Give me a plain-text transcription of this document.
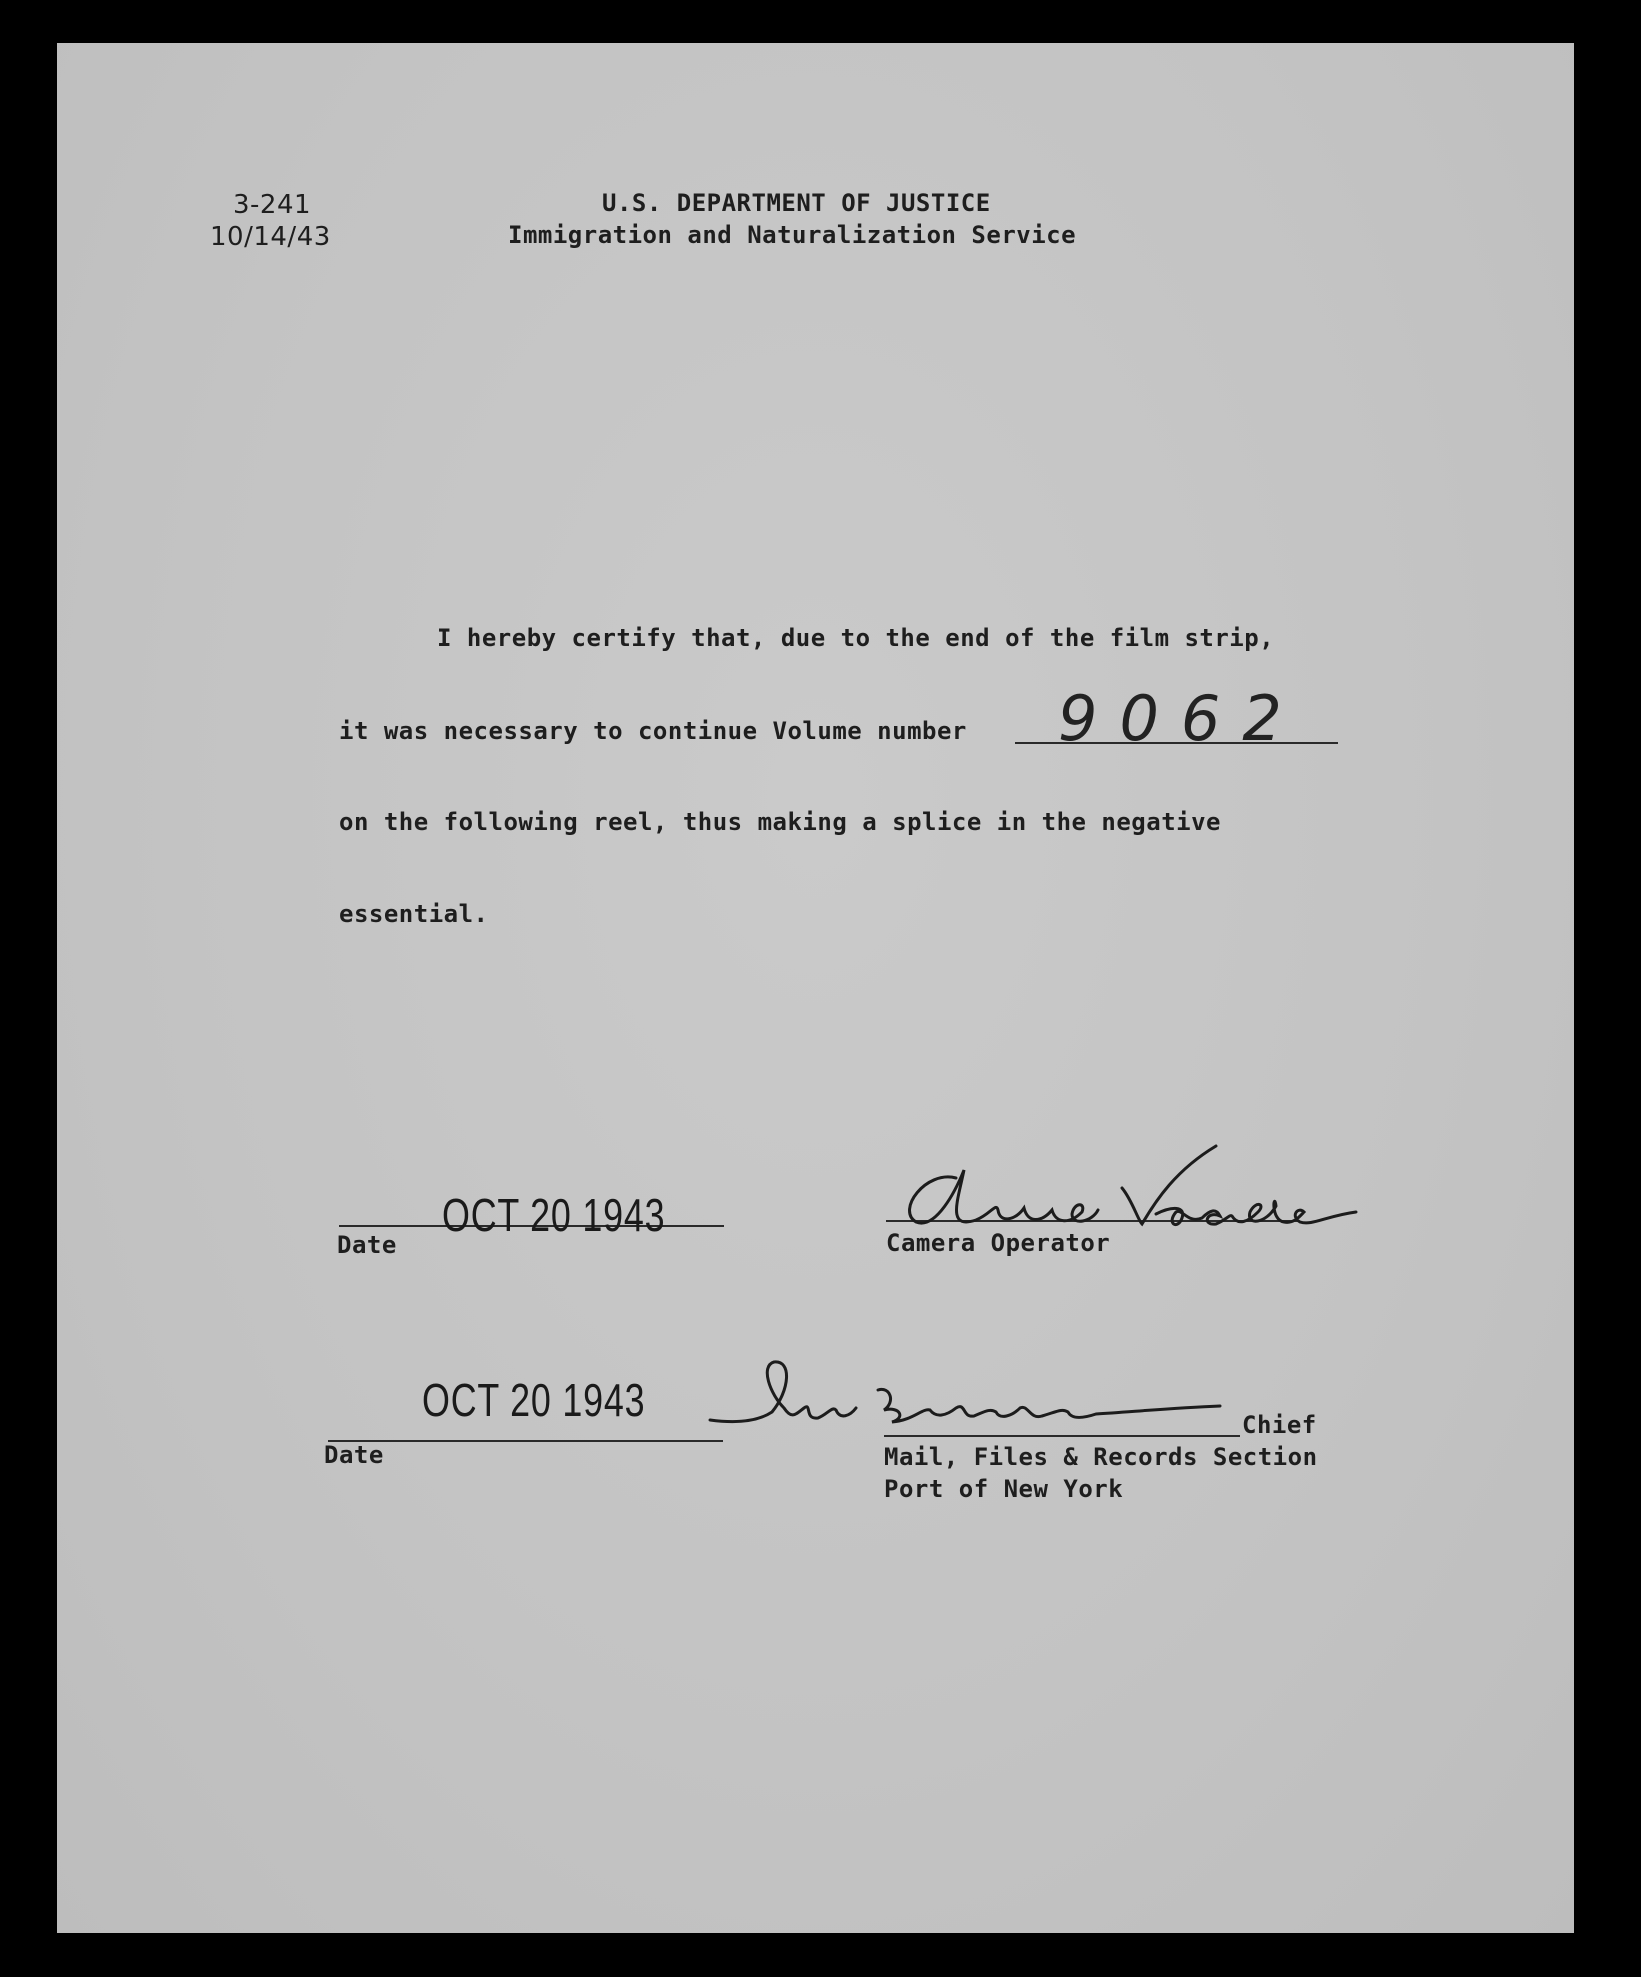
3-241
10/14/43
U.S. DEPARTMENT OF JUSTICE
Immigration and Naturalization Service
I hereby certify that, due to the end of the film strip,
it was necessary to continue Volume number 9062
on the following reel, thus making a splice in the negative
essential.
OCT 20 1943
Date	Camera Operator
OCT 20 1943
Date
Chief
Mail, Files & Records Section
Port of New York
